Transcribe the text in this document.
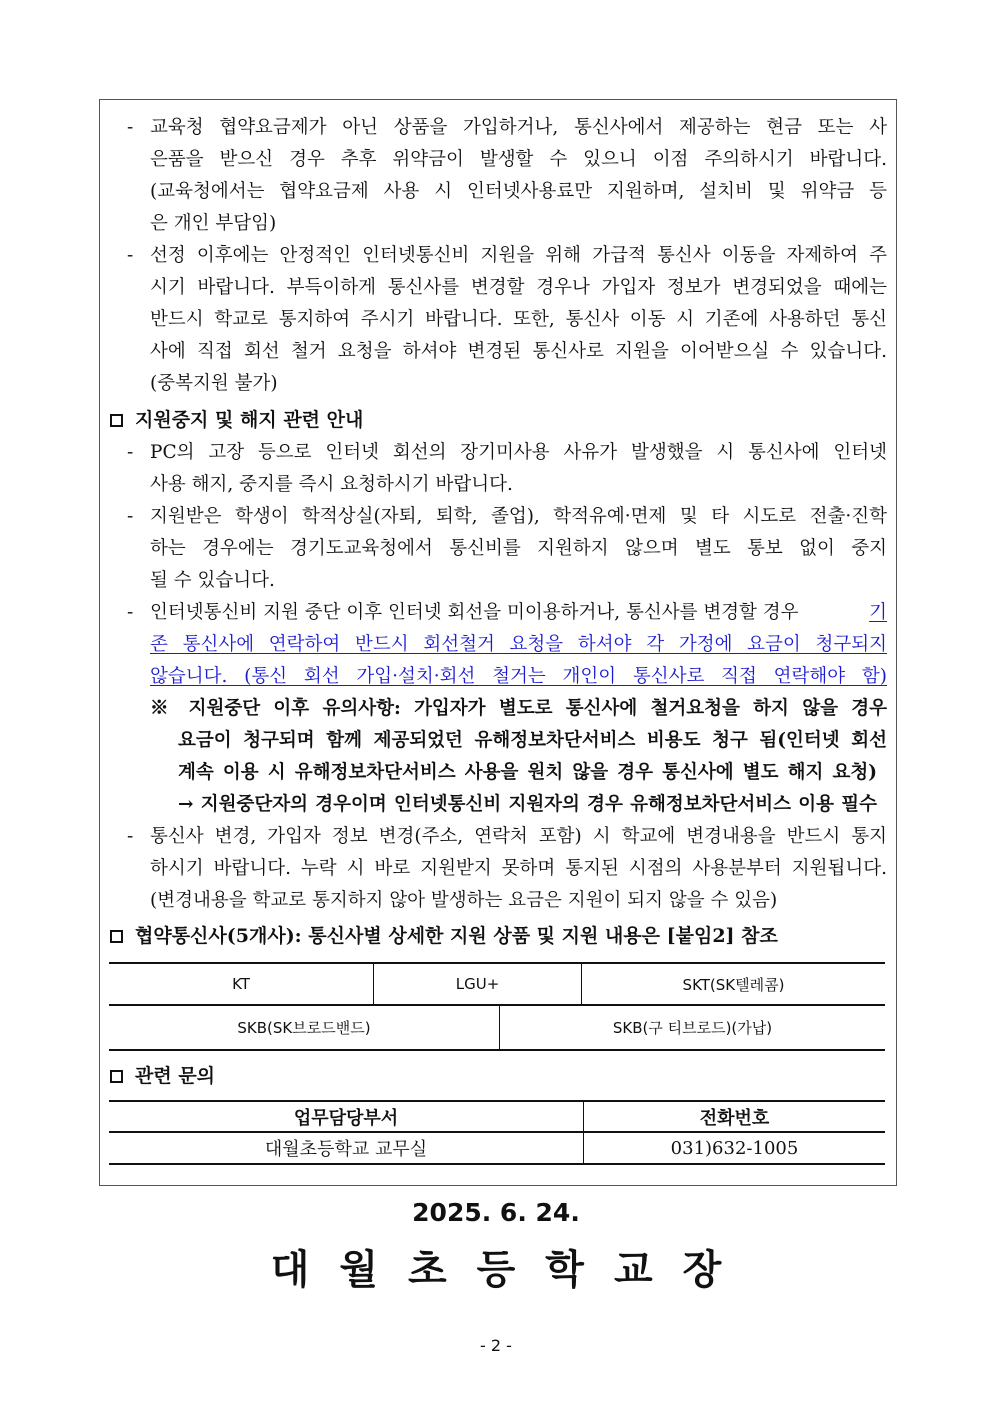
- 교육청 협약요금제가 아닌 상품을 가입하거나, 통신사에서 제공하는 현금 또는 사
은품을 받으신 경우 추후 위약금이 발생할 수 있으니 이점 주의하시기 바랍니다.
(교육청에서는 협약요금제 사용 시 인터넷사용료만 지원하며, 설치비 및 위약금 등
은 개인 부담임)
- 선정 이후에는 안정적인 인터넷통신비 지원을 위해 가급적 통신사 이동을 자제하여 주
시기 바랍니다. 부득이하게 통신사를 변경할 경우나 가입자 정보가 변경되었을 때에는
반드시 학교로 통지하여 주시기 바랍니다. 또한, 통신사 이동 시 기존에 사용하던 통신
사에 직접 회선 철거 요청을 하셔야 변경된 통신사로 지원을 이어받으실 수 있습니다.
(중복지원 불가)
지원중지 및 해지 관련 안내
- PC의 고장 등으로 인터넷 회선의 장기미사용 사유가 발생했을 시 통신사에 인터넷
사용 해지, 중지를 즉시 요청하시기 바랍니다.
- 지원받은 학생이 학적상실(자퇴, 퇴학, 졸업), 학적유예·면제 및 타 시도로 전출·진학
하는 경우에는 경기도교육청에서 통신비를 지원하지 않으며 별도 통보 없이 중지
될 수 있습니다.
- 인터넷통신비 지원 중단 이후 인터넷 회선을 미이용하거나, 통신사를 변경할 경우	기
존 통신사에 연락하여 반드시 회선철거 요청을 하셔야 각 가정에 요금이 청구되지
않습니다. (통신 회선 가입·설치·회선 철거는 개인이 통신사로 직접 연락해야 함)
※ 지원중단 이후 유의사항: 가입자가 별도로 통신사에 철거요청을 하지 않을 경우
요금이 청구되며 함께 제공되었던 유해정보차단서비스 비용도 청구 됨(인터넷 회선
계속 이용 시 유해정보차단서비스 사용을 원치 않을 경우 통신사에 별도 해지 요청)
→ 지원중단자의 경우이며 인터넷통신비 지원자의 경우 유해정보차단서비스 이용 필수
- 통신사 변경, 가입자 정보 변경(주소, 연락처 포함) 시 학교에 변경내용을 반드시 통지
하시기 바랍니다. 누락 시 바로 지원받지 못하며 통지된 시점의 사용분부터 지원됩니다.
(변경내용을 학교로 통지하지 않아 발생하는 요금은 지원이 되지 않을 수 있음)
협약통신사(5개사): 통신사별 상세한 지원 상품 및 지원 내용은 [붙임2] 참조
KT	LGU+	SKT(SK텔레콤)
SKB(SK브로드밴드)	SKB(구 티브로드)(가납)
관련 문의
업무담당부서	전화번호
대월초등학교 교무실	031)632-1005
2025. 6. 24.
대월초등학교장
- 2 -
